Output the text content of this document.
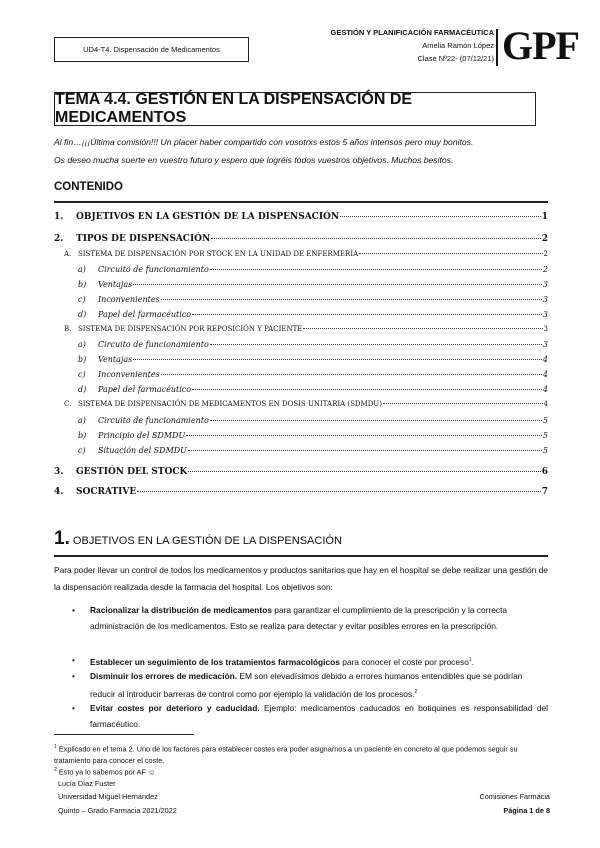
UD4-T4. Dispensación de Medicamentos
GESTIÓN Y PLANIFICACIÓN FARMACÉUTICA
Amelia Ramón López
Clase Nº22- (07/12/21) GPF
TEMA 4.4. GESTIÓN EN LA DISPENSACIÓN DE MEDICAMENTOS
Al fin…¡¡¡Última comisión!!! Un placer haber compartido con vosotrxs estos 5 años intensos pero muy bonitos.
Os deseo mucha suerte en vuestro futuro y espero que logréis todos vuestros objetivos. Muchos besitos.
CONTENIDO
1.	OBJETIVOS EN LA GESTIÓN DE LA DISPENSACIÓN	1
2.	TIPOS DE DISPENSACIÓN	2
A. SISTEMA DE DISPENSACIÓN POR STOCK EN LA UNIDAD DE ENFERMERÍA	2
a)	Circuito de funcionamiento	2
b)	Ventajas	3
c)	Inconvenientes	3
d)	Papel del farmacéutico	3
B. SISTEMA DE DISPENSACIÓN POR REPOSICIÓN Y PACIENTE	3
a)	Circuito de funcionamiento	3
b)	Ventajas	4
c)	Inconvenientes	4
d)	Papel del farmacéutico	4
C. SISTEMA DE DISPENSACIÓN DE MEDICAMENTOS EN DOSIS UNITARIA (SDMDU)	4
a)	Circuito de funcionamiento	5
b)	Principio del SDMDU	5
c)	Situación del SDMDU	5
3.	GESTIÓN DEL STOCK	6
4.	SOCRATIVE	7
1. OBJETIVOS EN LA GESTIÓN DE LA DISPENSACIÓN
Para poder llevar un control de todos los medicamentos y productos sanitarios que hay en el hospital se debe realizar una gestión de la dispensación realizada desde la farmacia del hospital. Los objetivos son:
•	Racionalizar la distribución de medicamentos para garantizar el cumplimiento de la prescripción y la correcta administración de los medicamentos. Esto se realiza para detectar y evitar posibles errores en la prescripción.
•	Establecer un seguimiento de los tratamientos farmacológicos para conocer el coste por proceso$^1$.
•	Disminuir los errores de medicación. EM son elevadísimos debido a errores humanos entendibles que se podrían reducir al introducir barreras de control como por ejemplo la validación de los procesos.$^2$
•	Evitar costes por deterioro y caducidad. Ejemplo: medicamentos caducados en botiquines es responsabilidad del farmacéutico.
$^1$ Explicado en el tema 2. Uno de los factores para establecer costes era poder asignarnos a un paciente en concreto al que podemos seguir su tratamiento para conocer el coste.
$^2$ Esto ya lo sabemos por AF ☺
Lucía Díaz Fuster
Universidad Miguel Hernández
Quinto – Grado Farmacia 2021/2022
Comisiones Farmacia
Página 1 de 8
